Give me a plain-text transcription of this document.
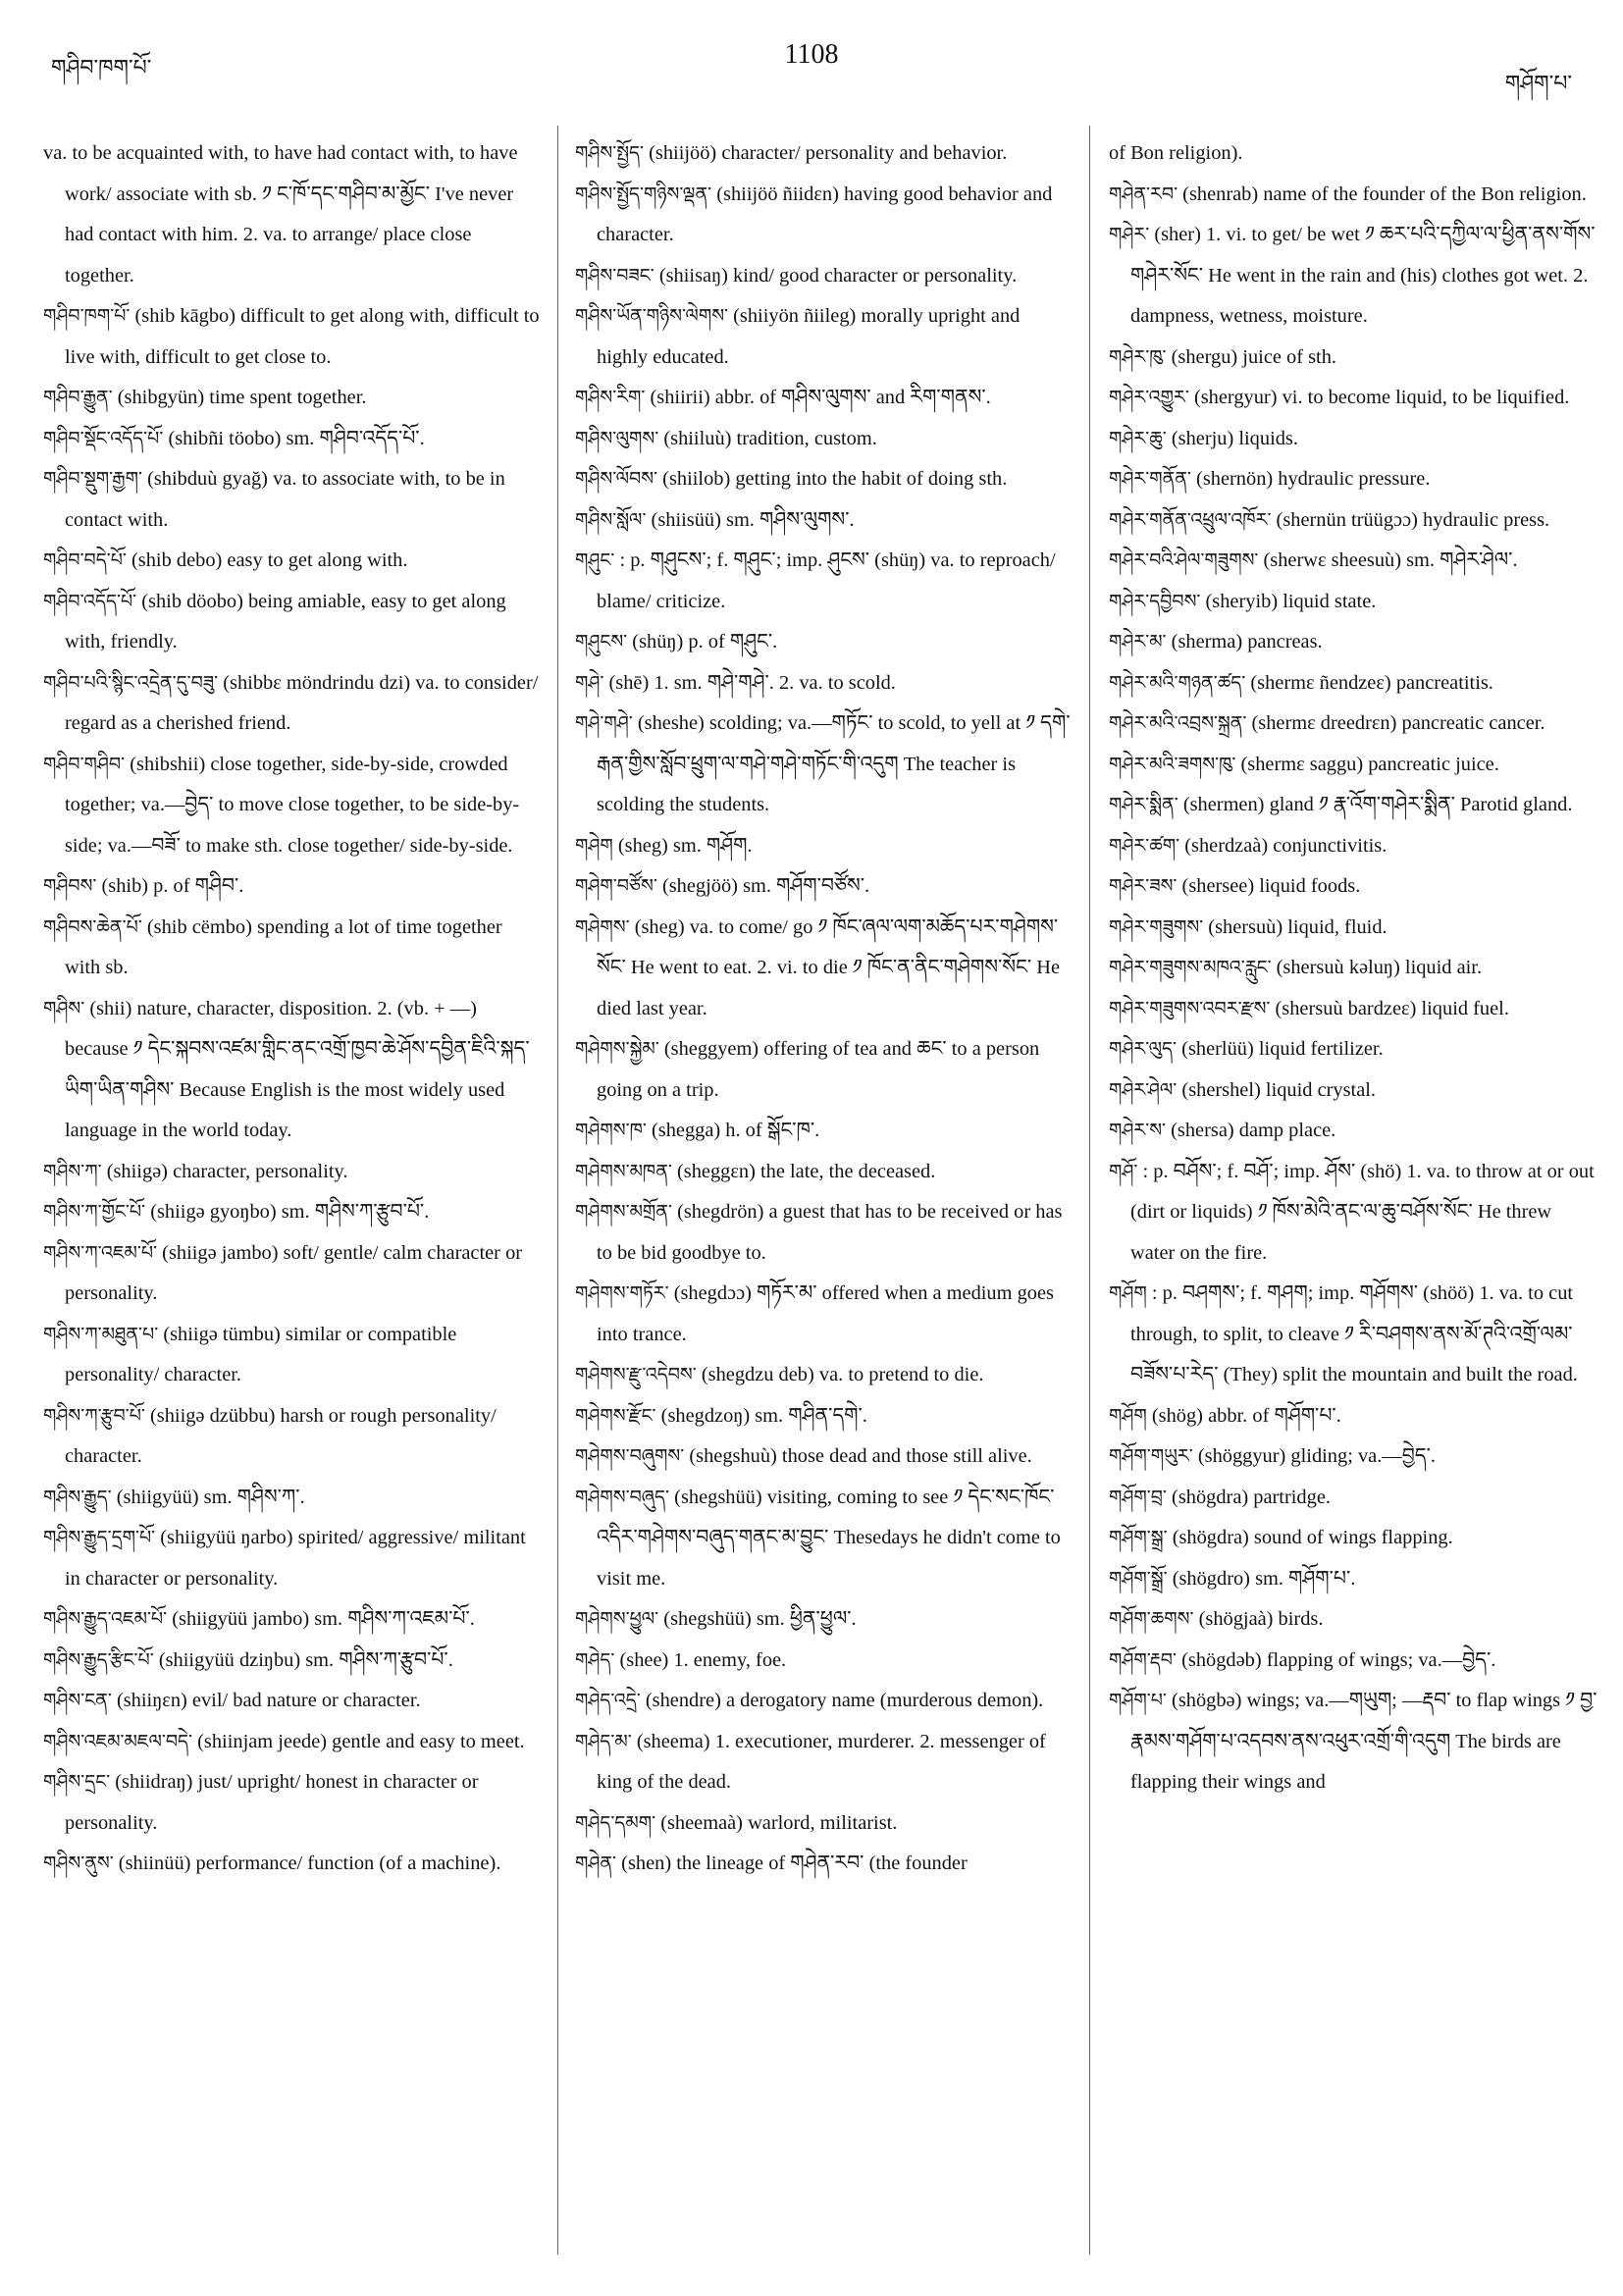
གཤིབ་ཁག་པོ་	1108
གཤོག་པ་

va. to be acquainted with, to have had contact with, to have work/ associate with sb. ༡ ང་ཁོ་དང་གཤིབ་མ་མྱོང་ I've never had contact with him. 2. va. to arrange/ place close together.

གཤིབ་ཁག་པོ་ (shib kāgbo) difficult to get along with, difficult to live with, difficult to get close to.

གཤིབ་རྒྱུན་ (shibgyün) time spent together.

གཤིབ་སྡོང་འདོད་པོ་ (shibñi töobo) sm. གཤིབ་འདོད་པོ་.

གཤིབ་སྡུག་རྒྱག་ (shibduù gyağ) va. to associate with, to be in contact with.

གཤིབ་བདེ་པོ་ (shib debo) easy to get along with.

གཤིབ་འདོད་པོ་ (shib döobo) being amiable, easy to get along with, friendly.

གཤིབ་པའི་སྙིང་འདྲེན་དུ་བཟུ་ (shibbɛ möndrindu dzi) va. to consider/ regard as a cherished friend.

གཤིབ་གཤིབ་ (shibshii) close together, side-by-side, crowded together; va.—བྱེད་ to move close together, to be side-by-side; va.—བཟོ་ to make sth. close together/ side-by-side.

གཤིབས་ (shib) p. of གཤིབ་.

གཤིབས་ཆེན་པོ་ (shib cëmbo) spending a lot of time together with sb.

གཤིས་ (shii) nature, character, disposition. 2. (vb. + —) because ༡ དེང་སྐབས་འཛམ་གླིང་ནང་འགྲོ་ཁྱབ་ཆེ་ཤོས་དབྱིན་ཇིའི་སྐད་ཡིག་ཡིན་གཤིས་ Because English is the most widely used language in the world today.

གཤིས་ཀ་ (shiigə) character, personality.

གཤིས་ཀ་གྱོང་པོ་ (shiigə gyoŋbo) sm. གཤིས་ཀ་རྩུབ་པོ་.

གཤིས་ཀ་འཇམ་པོ་ (shiigə jambo) soft/ gentle/ calm character or personality.

གཤིས་ཀ་མཐུན་པ་ (shiigə tümbu) similar or compatible personality/ character.

གཤིས་ཀ་རྩུབ་པོ་ (shiigə dzübbu) harsh or rough personality/ character.

གཤིས་རྒྱུད་ (shiigyüü) sm. གཤིས་ཀ་.

གཤིས་རྒྱུད་དྲག་པོ་ (shiigyüü ŋarbo) spirited/ aggressive/ militant in character or personality.

གཤིས་རྒྱུད་འཇམ་པོ་ (shiigyüü jambo) sm. གཤིས་ཀ་འཇམ་པོ་.

གཤིས་རྒྱུད་རྩིང་པོ་ (shiigyüü dziŋbu) sm. གཤིས་ཀ་རྩུབ་པོ་.

གཤིས་ངན་ (shiiŋɛn) evil/ bad nature or character.

གཤིས་འཇམ་མཇལ་བདེ་ (shiinjam jeede) gentle and easy to meet.

གཤིས་དྲང་ (shiidraŋ) just/ upright/ honest in character or personality.

གཤིས་ནུས་ (shiinüü) performance/ function (of a machine).

གཤིས་སྤྱོད་ (shiijöö) character/ personality and behavior.

གཤིས་སྤྱོད་གཉིས་ལྡན་ (shiijöö ñiidɛn) having good behavior and character.

གཤིས་བཟང་ (shiisaŋ) kind/ good character or personality.

གཤིས་ཡོན་གཉིས་ལེགས་ (shiiyön ñiileg) morally upright and highly educated.

གཤིས་རིག་ (shiirii) abbr. of གཤིས་ལུགས་ and རིག་གནས་.

གཤིས་ལུགས་ (shiiluù) tradition, custom.

གཤིས་ལོབས་ (shiilob) getting into the habit of doing sth.

གཤིས་སློལ་ (shiisüü) sm. གཤིས་ལུགས་.

གཤུང་ : p. གཤུངས་; f. གཤུང་; imp. ཤུངས་ (shüŋ) va. to reproach/ blame/ criticize.

གཤུངས་ (shüŋ) p. of གཤུང་.

གཤེ་ (shē) 1. sm. གཤེ་གཤེ་. 2. va. to scold.

གཤེ་གཤེ་ (sheshe) scolding; va.—གཏོང་ to scold, to yell at ༡ དགེ་རྒན་གྱིས་སློབ་ཕྲུག་ལ་གཤེ་གཤེ་གཏོང་གི་འདུག The teacher is scolding the students.

གཤེག (sheg) sm. གཤོག.

གཤེག་བཙོས་ (shegjöö) sm. གཤོག་བཙོས་.

གཤེགས་ (sheg) va. to come/ go ༡ ཁོང་ཞལ་ལག་མཆོད་པར་གཤེགས་སོང་ He went to eat. 2. vi. to die ༡ ཁོང་ན་ནིང་གཤེགས་སོང་ He died last year.

གཤེགས་སྐྱེམ་ (sheggyem) offering of tea and ཆང་ to a person going on a trip.

གཤེགས་ཁ་ (shegga) h. of སྒོང་ཁ་.

གཤེགས་མཁན་ (sheggɛn) the late, the deceased.

གཤེགས་མགྲོན་ (shegdrön) a guest that has to be received or has to be bid goodbye to.

གཤེགས་གཏོར་ (shegdɔɔ) གཏོར་མ་ offered when a medium goes into trance.

གཤེགས་རྫུ་འདེབས་ (shegdzu deb) va. to pretend to die.

གཤེགས་རྫོང་ (shegdzoŋ) sm. གཤིན་དགེ་.

གཤེགས་བཞུགས་ (shegshuù) those dead and those still alive.

གཤེགས་བཞུད་ (shegshüü) visiting, coming to see ༡ དེང་སང་ཁོང་འདིར་གཤེགས་བཞུད་གནང་མ་བྱུང་ Thesedays he didn't come to visit me.

གཤེགས་ཕྱུལ་ (shegshüü) sm. ཕྱིན་ཕྱུལ་.

གཤེད་ (shee) 1. enemy, foe.

གཤེད་འདྲེ་ (shendre) a derogatory name (murderous demon).

གཤེད་མ་ (sheema) 1. executioner, murderer. 2. messenger of king of the dead.

གཤེད་དམག་ (sheemaà) warlord, militarist.

གཤེན་ (shen) the lineage of གཤེན་རབ་ (the founder

of Bon religion).

གཤེན་རབ་ (shenrab) name of the founder of the Bon religion.

གཤེར་ (sher) 1. vi. to get/ be wet ༡ ཆར་པའི་དཀྱིལ་ལ་ཕྱིན་ནས་གོས་གཤེར་སོང་ He went in the rain and (his) clothes got wet. 2. dampness, wetness, moisture.

གཤེར་ཁུ་ (shergu) juice of sth.

གཤེར་འགྱུར་ (shergyur) vi. to become liquid, to be liquified.

གཤེར་ཆུ་ (sherju) liquids.

གཤེར་གནོན་ (shernön) hydraulic pressure.

གཤེར་གནོན་འཕྲུལ་འཁོར་ (shernün trüügɔɔ) hydraulic press.

གཤེར་བའི་ཤེལ་གཟུགས་ (sherwɛ sheesuù) sm. གཤེར་ཤེལ་.

གཤེར་དབྱིབས་ (sheryib) liquid state.

གཤེར་མ་ (sherma) pancreas.

གཤེར་མའི་གཉན་ཚད་ (shermɛ ñendzeɛ) pancreatitis.

གཤེར་མའི་འབྲས་སྐྲན་ (shermɛ dreedrɛn) pancreatic cancer.

གཤེར་མའི་ཟགས་ཁུ་ (shermɛ saggu) pancreatic juice.

གཤེར་སྨིན་ (shermen) gland ༡ རྣ་འོག་གཤེར་སྨིན་ Parotid gland.

གཤེར་ཚག་ (sherdzaà) conjunctivitis.

གཤེར་ཟས་ (shersee) liquid foods.

གཤེར་གཟུགས་ (shersuù) liquid, fluid.

གཤེར་གཟུགས་མཁའ་རླུང་ (shersuù kəluŋ) liquid air.

གཤེར་གཟུགས་འབར་རྫས་ (shersuù bardzeɛ) liquid fuel.

གཤེར་ལུད་ (sherlüü) liquid fertilizer.

གཤེར་ཤེལ་ (shershel) liquid crystal.

གཤེར་ས་ (shersa) damp place.

གཤོ་ : p. བཤོས་; f. བཤོ་; imp. ཤོས་ (shö) 1. va. to throw at or out (dirt or liquids) ༡ ཁོས་མེའི་ནང་ལ་ཆུ་བཤོས་སོང་ He threw water on the fire.

གཤོག : p. བཤགས་; f. གཤག; imp. གཤོགས་ (shöö) 1. va. to cut through, to split, to cleave ༡ རི་བཤགས་ནས་མོ་ཊའི་འགྲོ་ལམ་བཟོས་པ་རེད་ (They) split the mountain and built the road.

གཤོག (shög) abbr. of གཤོག་པ་.

གཤོག་གཡུར་ (shöggyur) gliding; va.—བྱེད་.

གཤོག་བྲ་ (shögdra) partridge.

གཤོག་སྒྲ་ (shögdra) sound of wings flapping.

གཤོག་སྒྲོ་ (shögdro) sm. གཤོག་པ་.

གཤོག་ཆགས་ (shögjaà) birds.

གཤོག་རྡབ་ (shögdəb) flapping of wings; va.—བྱེད་.

གཤོག་པ་ (shögbə) wings; va.—གཡུག; —རྡབ་ to flap wings ༡ བྱ་རྣམས་གཤོག་པ་འདབས་ནས་འཕུར་འགྲོ་གི་འདུག The birds are flapping their wings and
